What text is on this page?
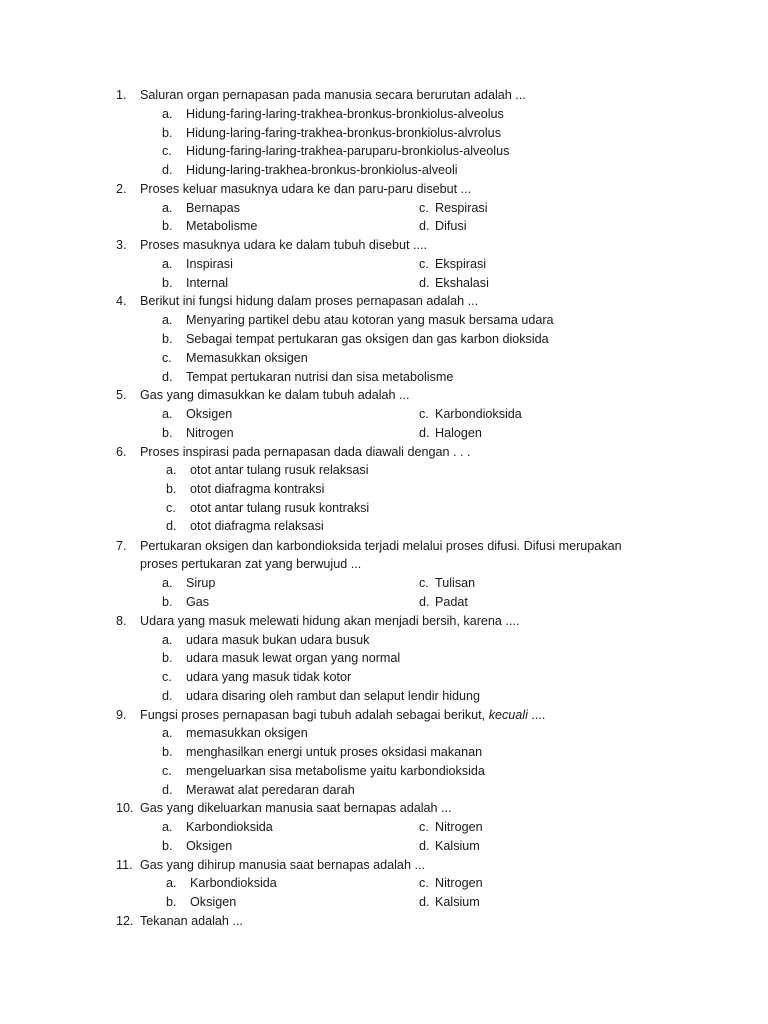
1. Saluran organ pernapasan pada manusia secara berurutan adalah ...
a. Hidung-faring-laring-trakhea-bronkus-bronkiolus-alveolus
b. Hidung-laring-faring-trakhea-bronkus-bronkiolus-alvrolus
c. Hidung-faring-laring-trakhea-paruparu-bronkiolus-alveolus
d. Hidung-laring-trakhea-bronkus-bronkiolus-alveoli
2. Proses keluar masuknya udara ke dan paru-paru disebut ...
a. Bernapas	c. Respirasi
b. Metabolisme	d. Difusi
3. Proses masuknya udara ke dalam tubuh disebut ....
a. Inspirasi	c. Ekspirasi
b. Internal	d. Ekshalasi
4. Berikut ini fungsi hidung dalam proses pernapasan adalah ...
a. Menyaring partikel debu atau kotoran yang masuk bersama udara
b. Sebagai tempat pertukaran gas oksigen dan gas karbon dioksida
c. Memasukkan oksigen
d. Tempat pertukaran nutrisi dan sisa metabolisme
5. Gas yang dimasukkan ke dalam tubuh adalah ...
a. Oksigen	c. Karbondioksida
b. Nitrogen	d. Halogen
6. Proses inspirasi pada pernapasan dada diawali dengan . . .
a. otot antar tulang rusuk relaksasi
b. otot diafragma kontraksi
c. otot antar tulang rusuk kontraksi
d. otot diafragma relaksasi
7. Pertukaran oksigen dan karbondioksida terjadi melalui proses difusi. Difusi merupakan
proses pertukaran zat yang berwujud ...
a. Sirup	c. Tulisan
b. Gas	d. Padat
8. Udara yang masuk melewati hidung akan menjadi bersih, karena ....
a. udara masuk bukan udara busuk
b. udara masuk lewat organ yang normal
c. udara yang masuk tidak kotor
d. udara disaring oleh rambut dan selaput lendir hidung
9. Fungsi proses pernapasan bagi tubuh adalah sebagai berikut, kecuali ....
a. memasukkan oksigen
b. menghasilkan energi untuk proses oksidasi makanan
c. mengeluarkan sisa metabolisme yaitu karbondioksida
d. Merawat alat peredaran darah
10. Gas yang dikeluarkan manusia saat bernapas adalah ...
a. Karbondioksida	c. Nitrogen
b. Oksigen	d. Kalsium
11. Gas yang dihirup manusia saat bernapas adalah ...
a. Karbondioksida	c. Nitrogen
b. Oksigen	d. Kalsium
12. Tekanan adalah ...
